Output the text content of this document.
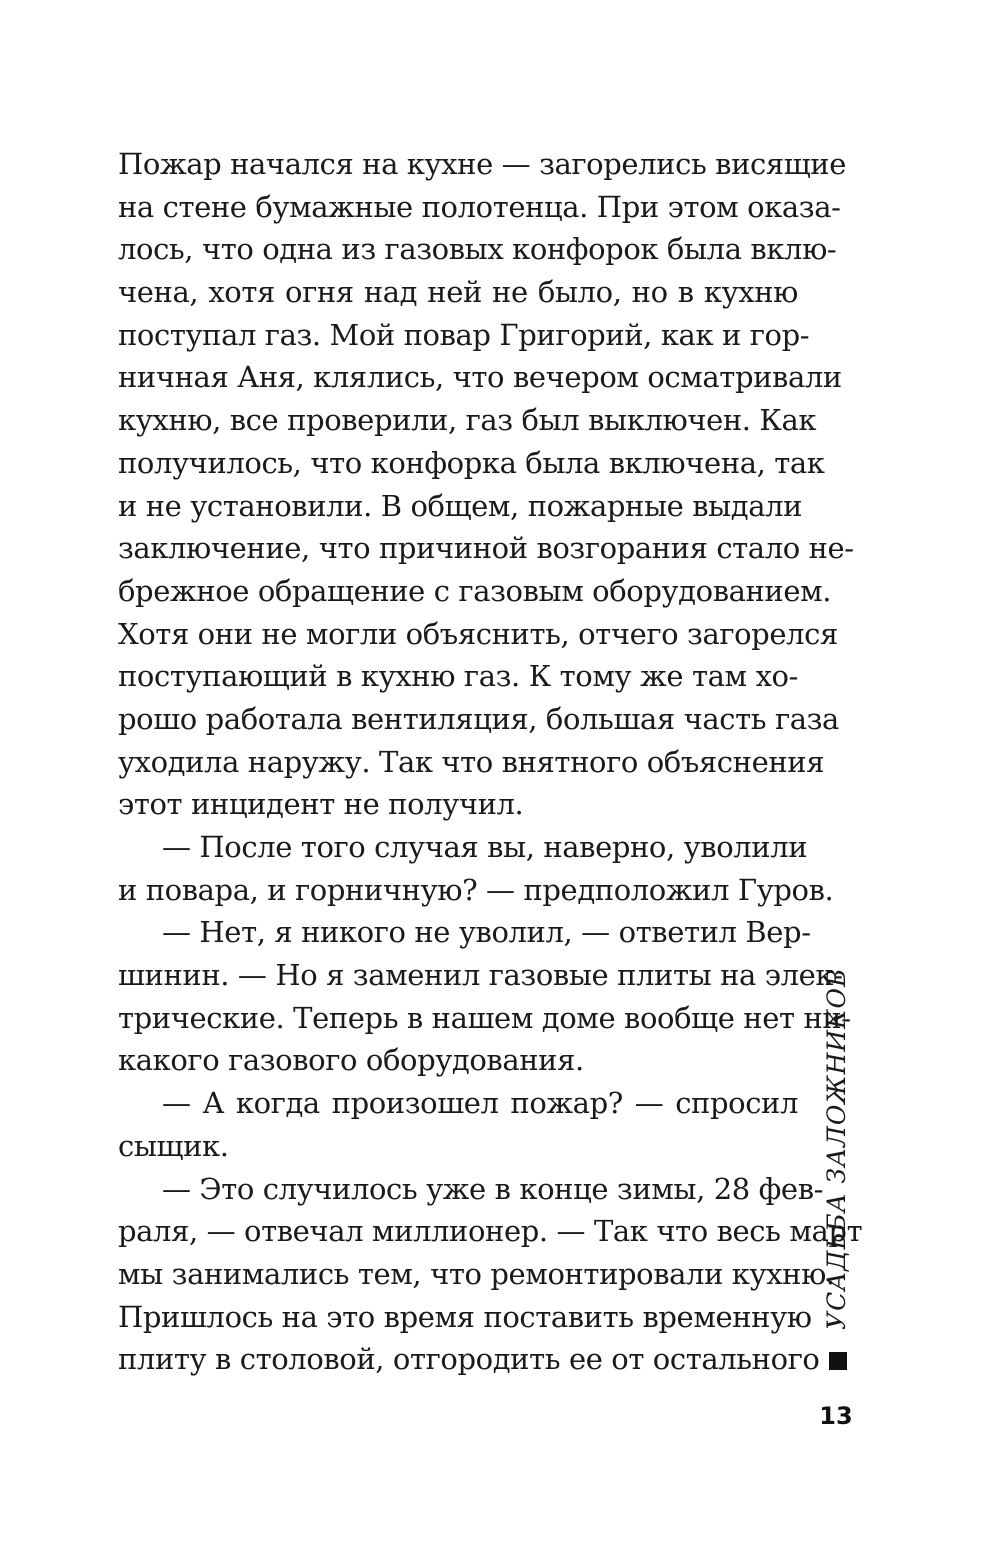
Пожар начался на кухне — загорелись висящие
на стене бумажные полотенца. При этом оказа-
лось, что одна из газовых конфорок была вклю-
чена, хотя огня над ней не было, но в кухню
поступал газ. Мой повар Григорий, как и гор-
ничная Аня, клялись, что вечером осматривали
кухню, все проверили, газ был выключен. Как
получилось, что конфорка была включена, так
и не установили. В общем, пожарные выдали
заключение, что причиной возгорания стало не-
брежное обращение с газовым оборудованием.
Хотя они не могли объяснить, отчего загорелся
поступающий в кухню газ. К тому же там хо-
рошо работала вентиляция, большая часть газа
уходила наружу. Так что внятного объяснения
этот инцидент не получил.
— После того случая вы, наверно, уволили
и повара, и горничную? — предположил Гуров.
— Нет, я никого не уволил, — ответил Вер-
шинин. — Но я заменил газовые плиты на элек-
трические. Теперь в нашем доме вообще нет ни-
какого газового оборудования.
— А когда произошел пожар? — спросил
сыщик.
— Это случилось уже в конце зимы, 28 фев-
раля, — отвечал миллионер. — Так что весь март
мы занимались тем, что ремонтировали кухню.
Пришлось на это время поставить временную
плиту в столовой, отгородить ее от остального
УСАДЬБА ЗАЛОЖНИКОВ
13
